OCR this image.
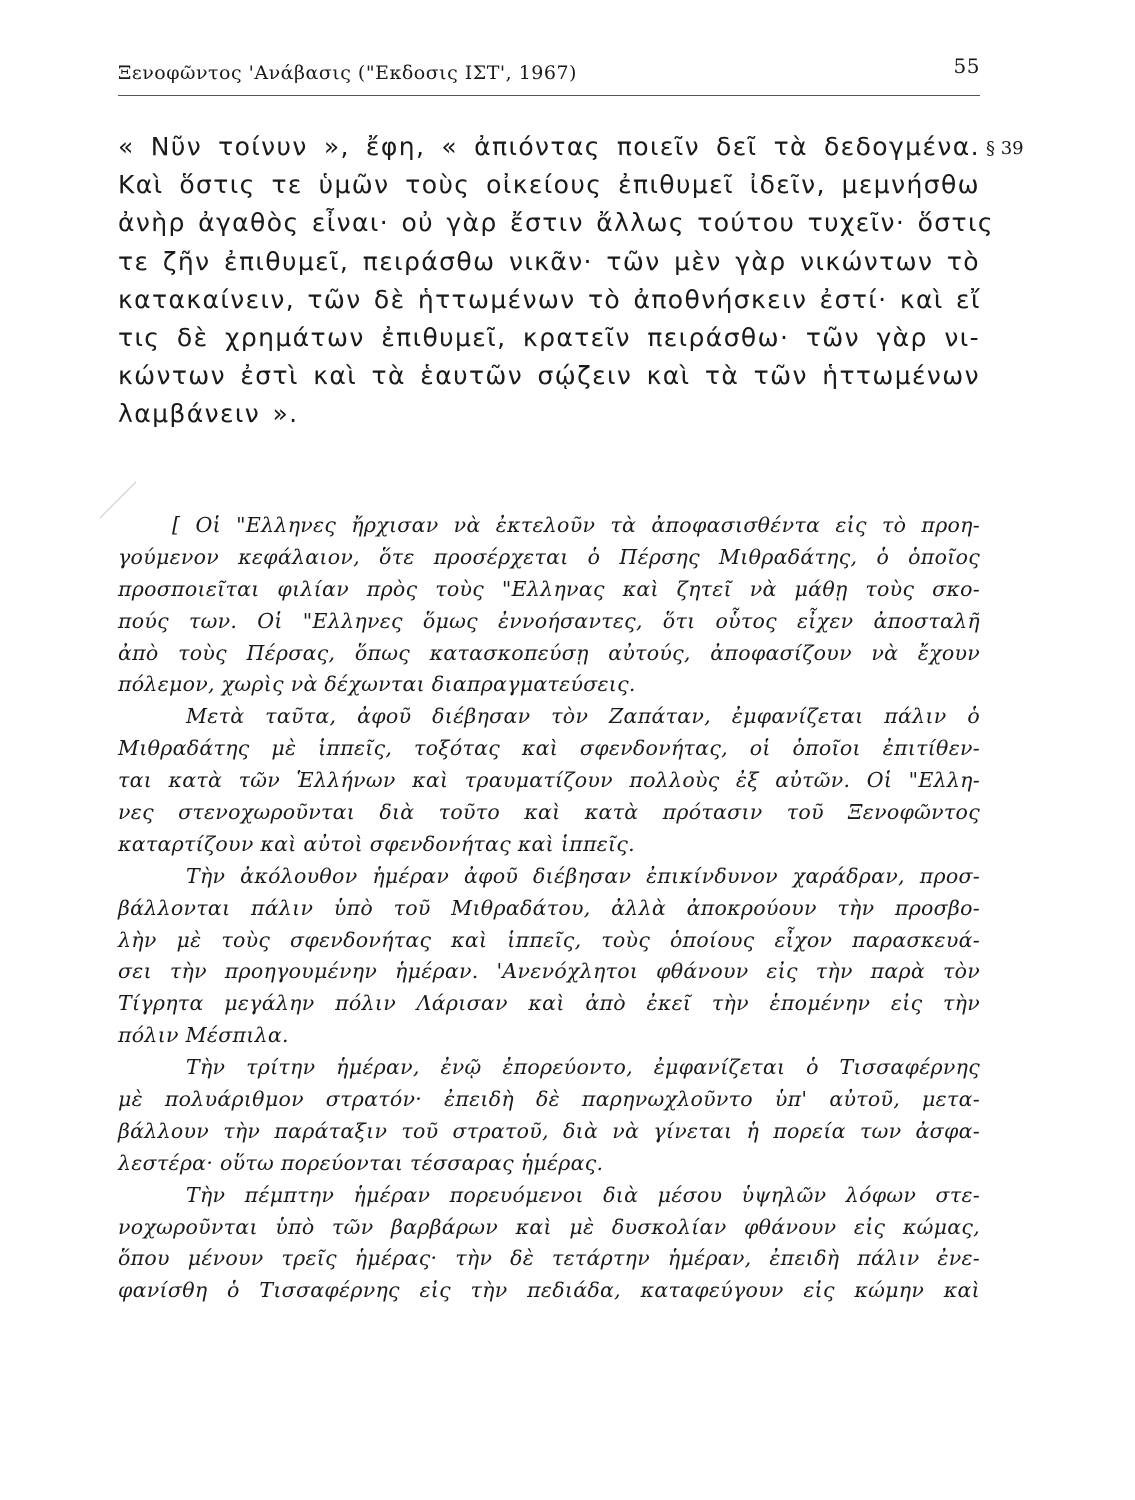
Ξενοφῶντος 'Ανάβασις ("Εκδοσις ΙΣΤ', 1967)	55
§ 39
« Νῦν τοίνυν », ἔφη, « ἀπιόντας ποιεῖν δεῖ τὰ δεδογμένα.
Καὶ ὅστις τε ὑμῶν τοὺς οἰκείους ἐπιθυμεῖ ἰδεῖν, μεμνήσθω
ἀνὴρ ἀγαθὸς εἶναι· οὐ γὰρ ἔστιν ἄλλως τούτου τυχεῖν· ὅστις
τε ζῆν ἐπιθυμεῖ, πειράσθω νικᾶν· τῶν μὲν γὰρ νικώντων τὸ
κατακαίνειν, τῶν δὲ ἡττωμένων τὸ ἀποθνήσκειν ἐστί· καὶ εἴ
τις δὲ χρημάτων ἐπιθυμεῖ, κρατεῖν πειράσθω· τῶν γὰρ νι-
κώντων ἐστὶ καὶ τὰ ἑαυτῶν σῴζειν καὶ τὰ τῶν ἡττωμένων
λαμβάνειν ».
[ Οἱ "Ελληνες ἤρχισαν νὰ ἐκτελοῦν τὰ ἀποφασισθέντα εἰς τὸ προη-
γούμενον κεφάλαιον, ὅτε προσέρχεται ὁ Πέρσης Μιθραδάτης, ὁ ὁποῖος
προσποιεῖται φιλίαν πρὸς τοὺς "Ελληνας καὶ ζητεῖ νὰ μάθῃ τοὺς σκο-
πούς των. Οἱ "Ελληνες ὅμως ἐννοήσαντες, ὅτι οὗτος εἶχεν ἀποσταλῆ
ἀπὸ τοὺς Πέρσας, ὅπως κατασκοπεύσῃ αὐτούς, ἀποφασίζουν νὰ ἔχουν
πόλεμον, χωρὶς νὰ δέχωνται διαπραγματεύσεις.
Μετὰ ταῦτα, ἀφοῦ διέβησαν τὸν Ζαπάταν, ἐμφανίζεται πάλιν ὁ
Μιθραδάτης μὲ ἱππεῖς, τοξότας καὶ σφενδονήτας, οἱ ὁποῖοι ἐπιτίθεν-
ται κατὰ τῶν Ἑλλήνων καὶ τραυματίζουν πολλοὺς ἐξ αὐτῶν. Οἱ "Ελλη-
νες στενοχωροῦνται διὰ τοῦτο καὶ κατὰ πρότασιν τοῦ Ξενοφῶντος
καταρτίζουν καὶ αὐτοὶ σφενδονήτας καὶ ἱππεῖς.
Τὴν ἀκόλουθον ἡμέραν ἀφοῦ διέβησαν ἐπικίνδυνον χαράδραν, προσ-
βάλλονται πάλιν ὑπὸ τοῦ Μιθραδάτου, ἀλλὰ ἀποκρούουν τὴν προσβο-
λὴν μὲ τοὺς σφενδονήτας καὶ ἱππεῖς, τοὺς ὁποίους εἶχον παρασκευά-
σει τὴν προηγουμένην ἡμέραν. 'Ανενόχλητοι φθάνουν εἰς τὴν παρὰ τὸν
Τίγρητα μεγάλην πόλιν Λάρισαν καὶ ἀπὸ ἐκεῖ τὴν ἑπομένην εἰς τὴν
πόλιν Μέσπιλα.
Τὴν τρίτην ἡμέραν, ἐνῷ ἐπορεύοντο, ἐμφανίζεται ὁ Τισσαφέρνης
μὲ πολυάριθμον στρατόν· ἐπειδὴ δὲ παρηνωχλοῦντο ὑπ' αὐτοῦ, μετα-
βάλλουν τὴν παράταξιν τοῦ στρατοῦ, διὰ νὰ γίνεται ἡ πορεία των ἀσφα-
λεστέρα· οὕτω πορεύονται τέσσαρας ἡμέρας.
Τὴν πέμπτην ἡμέραν πορευόμενοι διὰ μέσου ὑψηλῶν λόφων στε-
νοχωροῦνται ὑπὸ τῶν βαρβάρων καὶ μὲ δυσκολίαν φθάνουν εἰς κώμας,
ὅπου μένουν τρεῖς ἡμέρας· τὴν δὲ τετάρτην ἡμέραν, ἐπειδὴ πάλιν ἐνε-
φανίσθη ὁ Τισσαφέρνης εἰς τὴν πεδιάδα, καταφεύγουν εἰς κώμην καὶ
